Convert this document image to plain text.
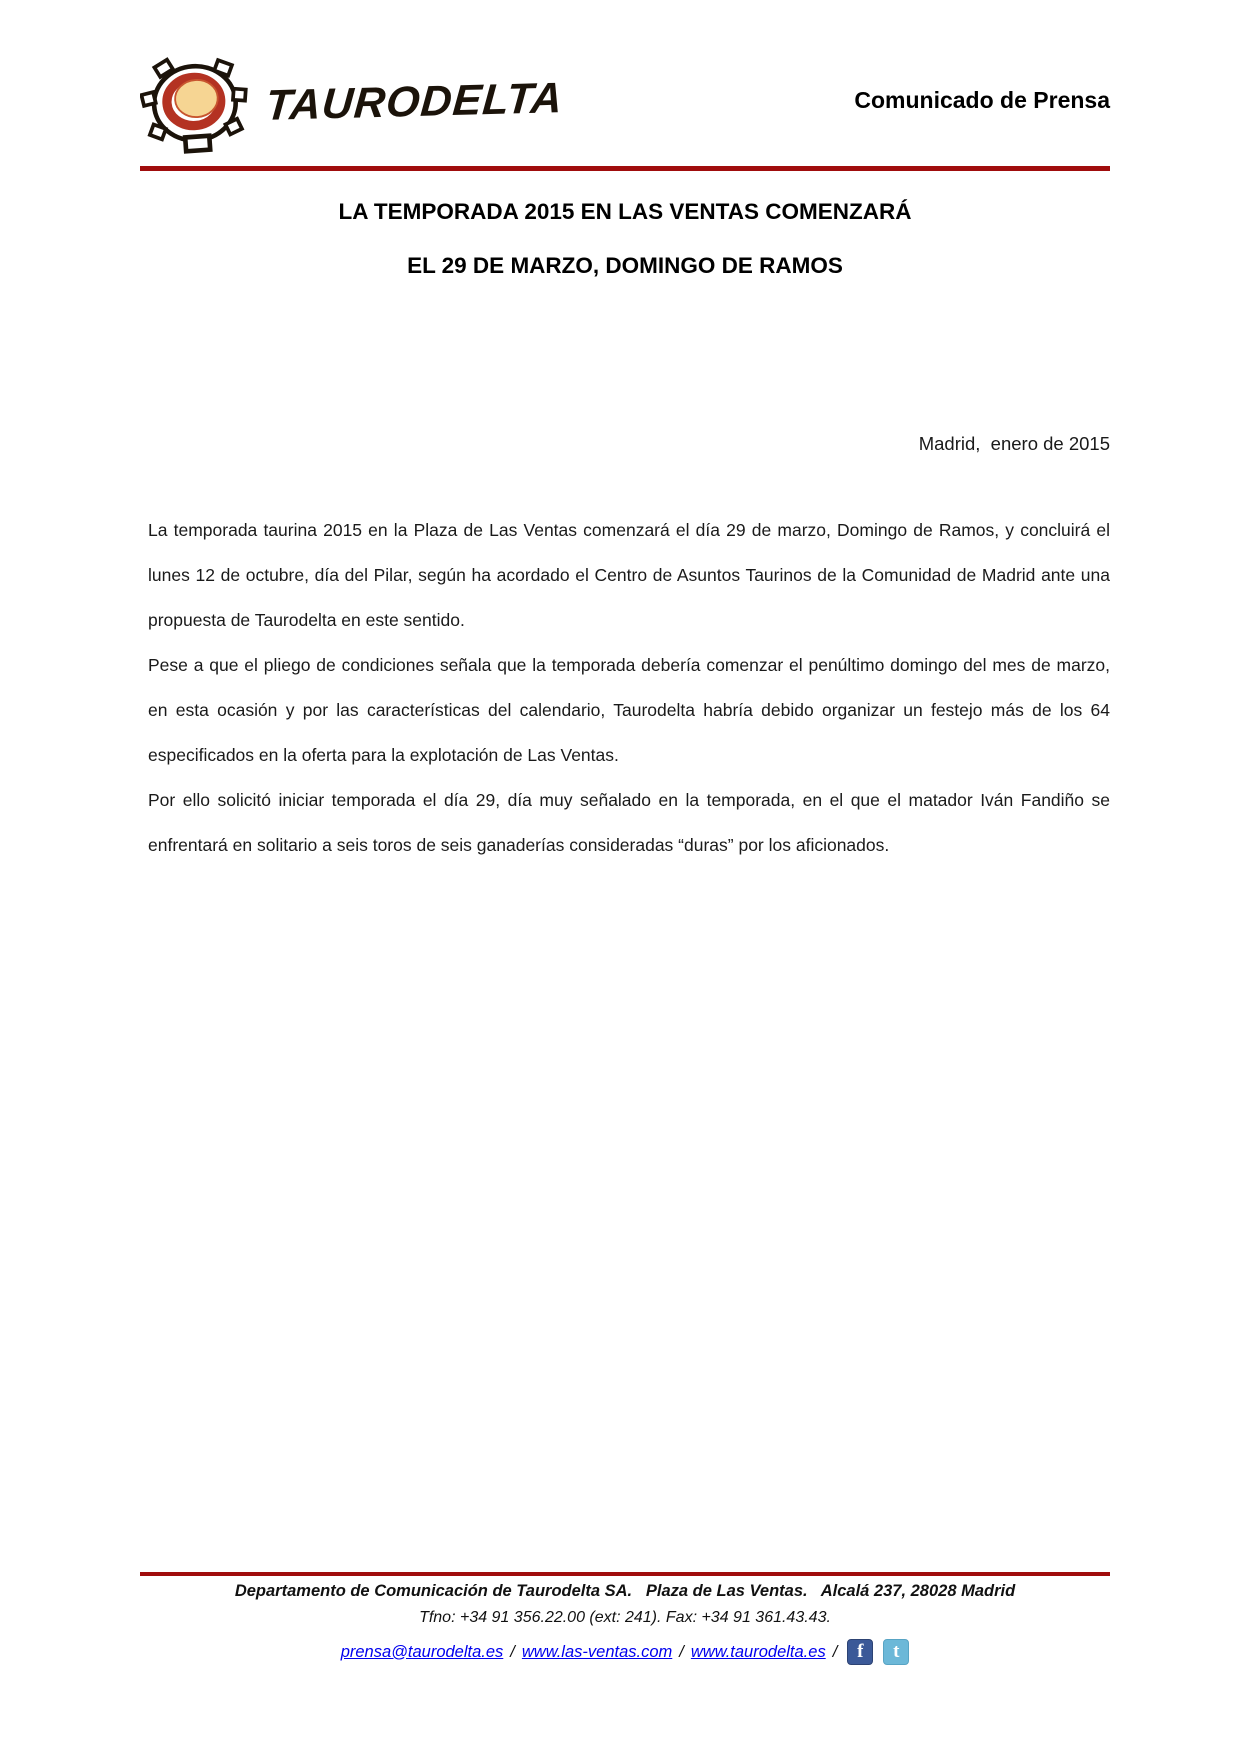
TAURODELTA	Comunicado de Prensa
LA TEMPORADA 2015 EN LAS VENTAS COMENZARÁ
EL 29 DE MARZO, DOMINGO DE RAMOS
Madrid,  enero de 2015

La temporada taurina 2015 en la Plaza de Las Ventas comenzará el día 29 de marzo, Domingo de Ramos, y concluirá el lunes 12 de octubre, día del Pilar, según ha acordado el Centro de Asuntos Taurinos de la Comunidad de Madrid ante una propuesta de Taurodelta en este sentido.

Pese a que el pliego de condiciones señala que la temporada debería comenzar el penúltimo domingo del mes de marzo, en esta ocasión y por las características del calendario, Taurodelta habría debido organizar un festejo más de los 64 especificados en la oferta para la explotación de Las Ventas.

Por ello solicitó iniciar temporada el día 29, día muy señalado en la temporada, en el que el matador Iván Fandiño se enfrentará en solitario a seis toros de seis ganaderías consideradas “duras” por los aficionados.

Departamento de Comunicación de Taurodelta SA.   Plaza de Las Ventas.   Alcalá 237, 28028 Madrid
Tfno: +34 91 356.22.00 (ext: 241). Fax: +34 91 361.43.43.
prensa@taurodelta.es / www.las-ventas.com / www.taurodelta.es /	f	t
